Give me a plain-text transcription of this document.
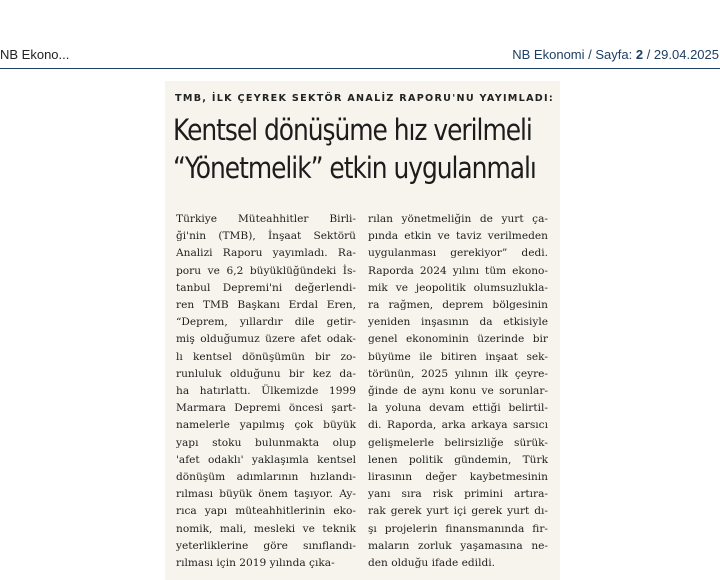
NB Ekono...	NB Ekonomi / Sayfa: 2 / 29.04.2025
TMB, İLK ÇEYREK SEKTÖR ANALİZ RAPORU'NU YAYIMLADI:
Kentsel dönüşüme hız verilmeli
“Yönetmelik” etkin uygulanmalı
Türkiye Müteahhitler Birli-
ği'nin (TMB), İnşaat Sektörü
Analizi Raporu yayımladı. Ra-
poru ve 6,2 büyüklüğündeki İs-
tanbul Depremi'ni değerlendi-
ren TMB Başkanı Erdal Eren,
“Deprem, yıllardır dile getir-
miş olduğumuz üzere afet odak-
lı kentsel dönüşümün bir zo-
runluluk olduğunu bir kez da-
ha hatırlattı. Ülkemizde 1999
Marmara Depremi öncesi şart-
namelerle yapılmış çok büyük
yapı stoku bulunmakta olup
'afet odaklı' yaklaşımla kentsel
dönüşüm adımlarının hızlandı-
rılması büyük önem taşıyor. Ay-
rıca yapı müteahhitlerinin eko-
nomik, mali, mesleki ve teknik
yeterliklerine göre sınıflandı-
rılması için 2019 yılında çıka-
rılan yönetmeliğin de yurt ça-
pında etkin ve taviz verilmeden
uygulanması gerekiyor” dedi.
Raporda 2024 yılını tüm ekono-
mik ve jeopolitik olumsuzlukla-
ra rağmen, deprem bölgesinin
yeniden inşasının da etkisiyle
genel ekonominin üzerinde bir
büyüme ile bitiren inşaat sek-
törünün, 2025 yılının ilk çeyre-
ğinde de aynı konu ve sorunlar-
la yoluna devam ettiği belirtil-
di. Raporda, arka arkaya sarsıcı
gelişmelerle belirsizliğe sürük-
lenen politik gündemin, Türk
lirasının değer kaybetmesinin
yanı sıra risk primini artıra-
rak gerek yurt içi gerek yurt dı-
şı projelerin finansmanında fir-
maların zorluk yaşamasına ne-
den olduğu ifade edildi.
